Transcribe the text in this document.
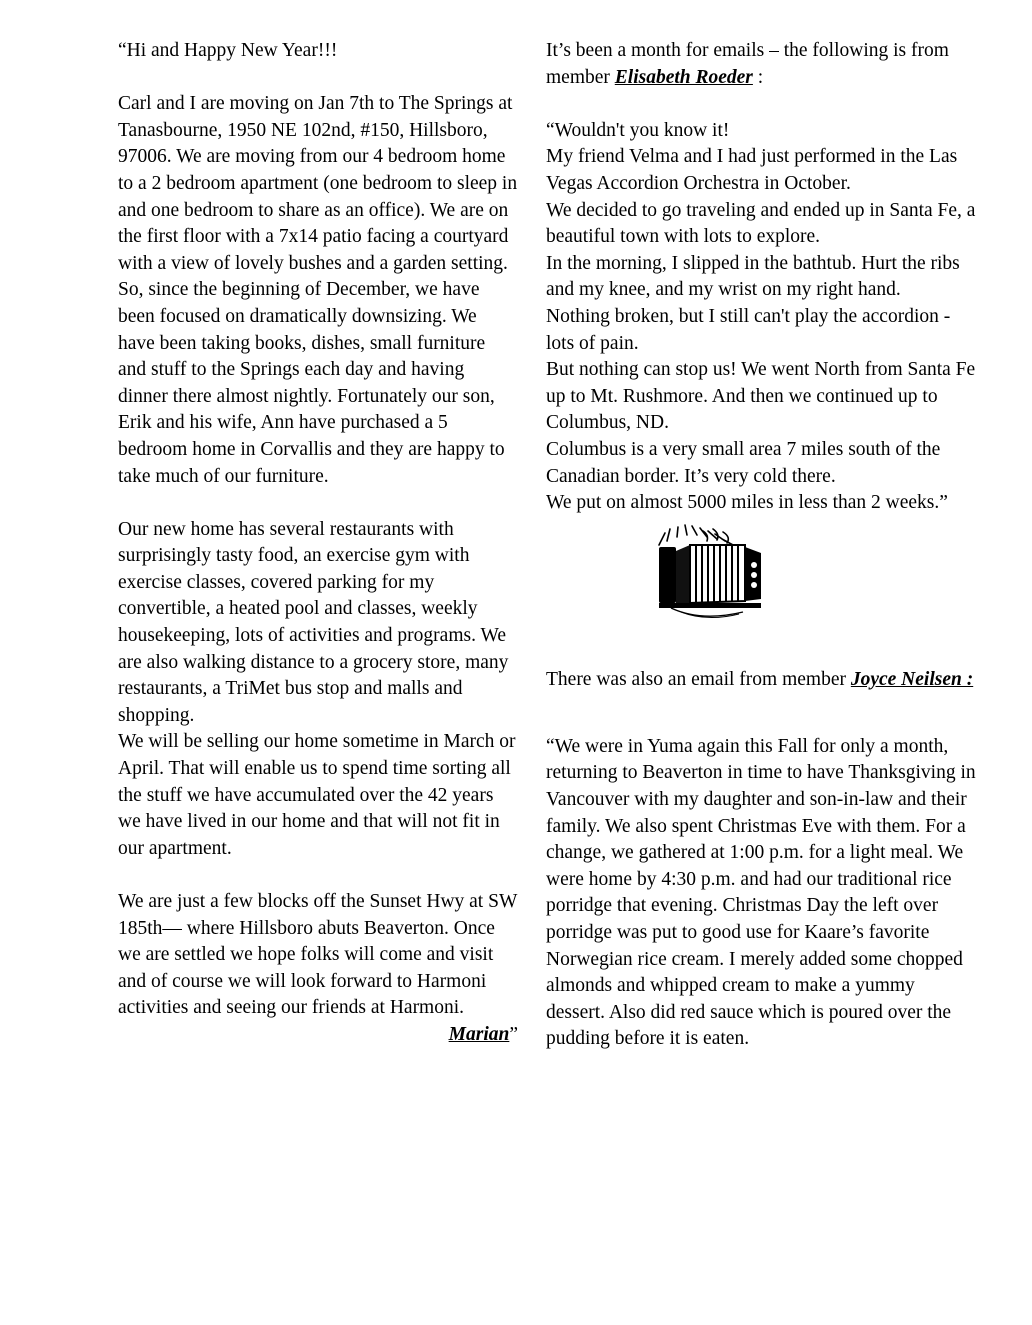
“Hi and Happy New Year!!!

Carl and I are moving on Jan 7th to The Springs at Tanasbourne, 1950 NE 102nd, #150, Hillsboro, 97006. We are moving from our 4 bedroom home to a 2 bedroom apartment (one bedroom to sleep in and one bedroom to share as an office). We are on the first floor with a 7x14 patio facing a courtyard with a view of lovely bushes and a garden setting. So, since the beginning of December, we have been focused on dramatically downsizing. We have been taking books, dishes, small furniture and stuff to the Springs each day and having dinner there almost nightly. Fortunately our son, Erik and his wife, Ann have purchased a 5 bedroom home in Corvallis and they are happy to take much of our furniture.

Our new home has several restaurants with surprisingly tasty food, an exercise gym with exercise classes, covered parking for my convertible, a heated pool and classes, weekly housekeeping, lots of activities and programs. We are also walking distance to a grocery store, many restaurants, a TriMet bus stop and malls and shopping.

We will be selling our home sometime in March or April. That will enable us to spend time sorting all the stuff we have accumulated over the 42 years we have lived in our home and that will not fit in our apartment.

We are just a few blocks off the Sunset Hwy at SW 185th— where Hillsboro abuts Beaverton. Once we are settled we hope folks will come and visit and of course we will look forward to Harmoni activities and seeing our friends at Harmoni.

Marian”

It’s been a month for emails – the following is from member Elisabeth Roeder :

“Wouldn't you know it!

My friend Velma and I had just performed in the Las Vegas Accordion Orchestra in October.

We decided to go traveling and ended up in Santa Fe, a beautiful town with lots to explore.

In the morning, I slipped in the bathtub. Hurt the ribs and my knee, and my wrist on my right hand.

Nothing broken, but I still can't play the accordion - lots of pain.

But nothing can stop us! We went North from Santa Fe up to Mt. Rushmore. And then we continued up to Columbus, ND.

Columbus is a very small area 7 miles south of the Canadian border. It’s very cold there.

We put on almost 5000 miles in less than 2 weeks.”

There was also an email from member Joyce Neilsen :

“We were in Yuma again this Fall for only a month, returning to Beaverton in time to have Thanksgiving in Vancouver with my daughter and son-in-law and their family. We also spent Christmas Eve with them. For a change, we gathered at 1:00 p.m. for a light meal. We were home by 4:30 p.m. and had our traditional rice porridge that evening. Christmas Day the left over porridge was put to good use for Kaare’s favorite Norwegian rice cream. I merely added some chopped almonds and whipped cream to make a yummy dessert. Also did red sauce which is poured over the pudding before it is eaten.
